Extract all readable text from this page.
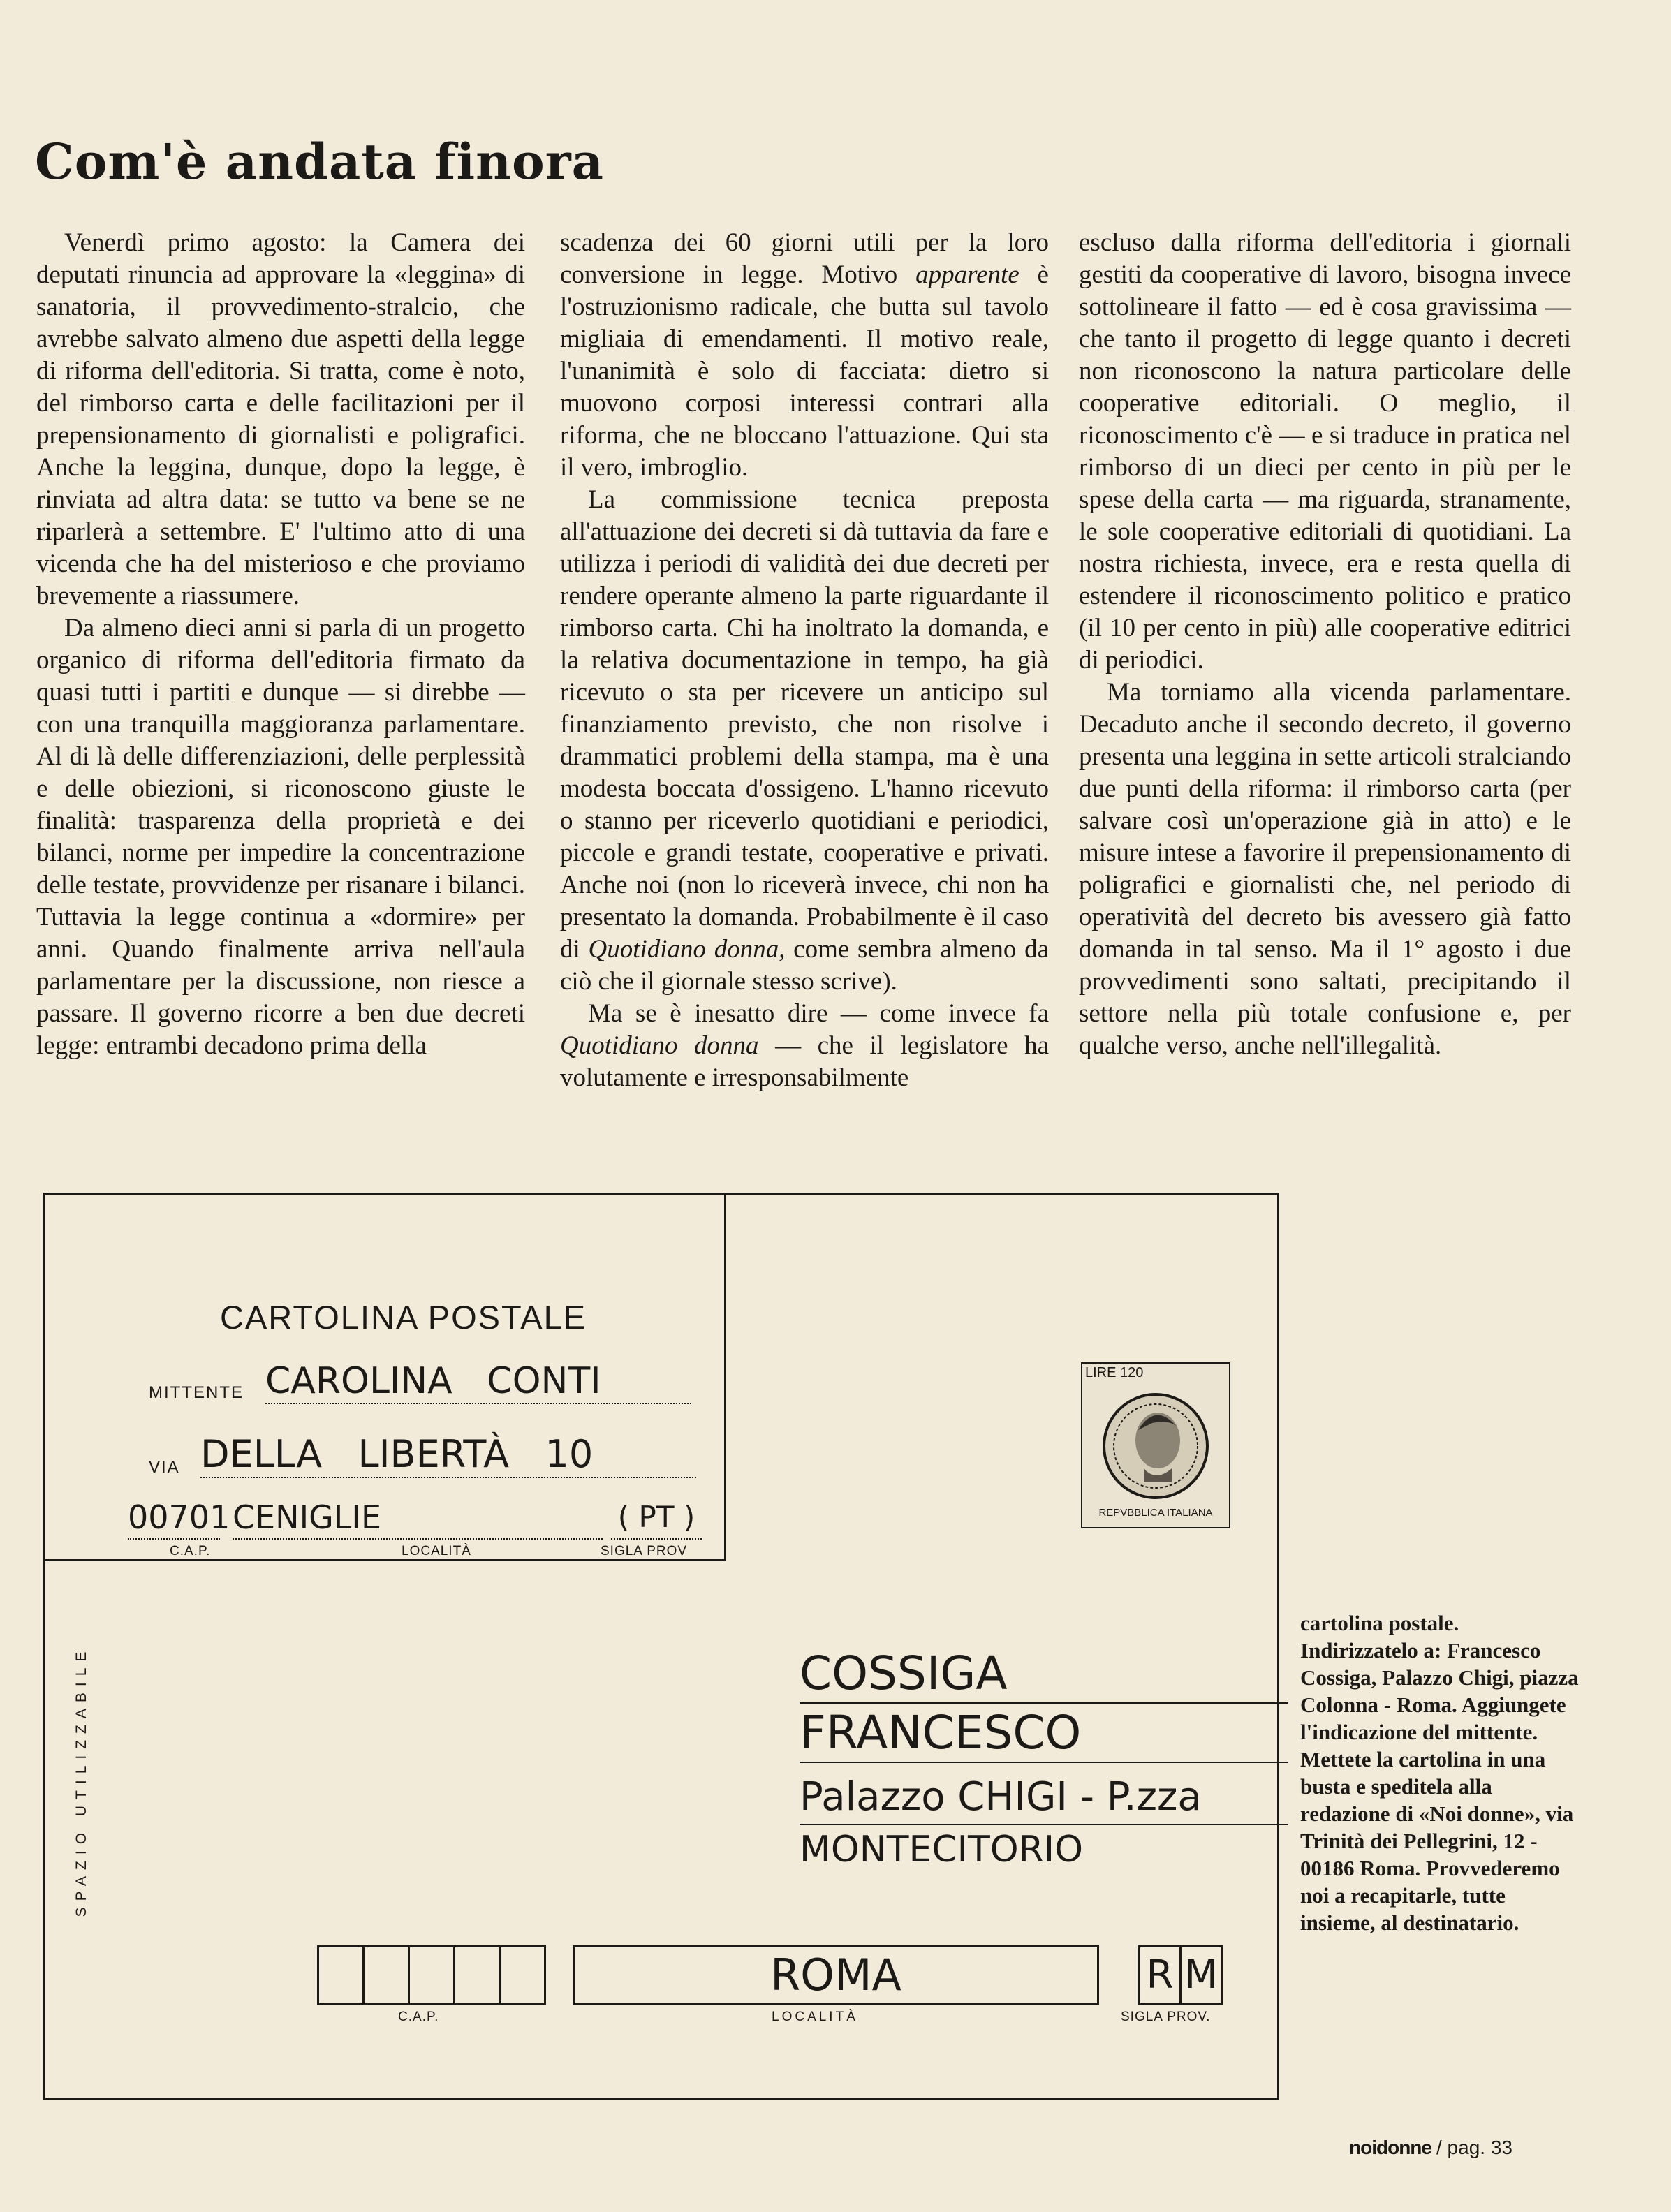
Com'è andata finora

Venerdì primo agosto: la Camera dei deputati rinuncia ad approvare la «leggina» di sanatoria, il provvedimento-stralcio, che avrebbe salvato almeno due aspetti della legge di riforma dell'editoria. Si tratta, come è noto, del rimborso carta e delle facilitazioni per il prepensionamento di giornalisti e poligrafici. Anche la leggina, dunque, dopo la legge, è rinviata ad altra data: se tutto va bene se ne riparlerà a settembre. E' l'ultimo atto di una vicenda che ha del misterioso e che proviamo brevemente a riassumere.

Da almeno dieci anni si parla di un progetto organico di riforma dell'editoria firmato da quasi tutti i partiti e dunque — si direbbe — con una tranquilla maggioranza parlamentare. Al di là delle differenziazioni, delle perplessità e delle obiezioni, si riconoscono giuste le finalità: trasparenza della proprietà e dei bilanci, norme per impedire la concentrazione delle testate, provvidenze per risanare i bilanci. Tuttavia la legge continua a «dormire» per anni. Quando finalmente arriva nell'aula parlamentare per la discussione, non riesce a passare. Il governo ricorre a ben due decreti legge: entrambi decadono prima della

scadenza dei 60 giorni utili per la loro conversione in legge. Motivo apparente è l'ostruzionismo radicale, che butta sul tavolo migliaia di emendamenti. Il motivo reale, l'unanimità è solo di facciata: dietro si muovono corposi interessi contrari alla riforma, che ne bloccano l'attuazione. Qui sta il vero, imbroglio.

La commissione tecnica preposta all'attuazione dei decreti si dà tuttavia da fare e utilizza i periodi di validità dei due decreti per rendere operante almeno la parte riguardante il rimborso carta. Chi ha inoltrato la domanda, e la relativa documentazione in tempo, ha già ricevuto o sta per ricevere un anticipo sul finanziamento previsto, che non risolve i drammatici problemi della stampa, ma è una modesta boccata d'ossigeno. L'hanno ricevuto o stanno per riceverlo quotidiani e periodici, piccole e grandi testate, cooperative e privati. Anche noi (non lo riceverà invece, chi non ha presentato la domanda. Probabilmente è il caso di Quotidiano donna, come sembra almeno da ciò che il giornale stesso scrive).

Ma se è inesatto dire — come invece fa Quotidiano donna — che il legislatore ha volutamente e irresponsabilmente

escluso dalla riforma dell'editoria i giornali gestiti da cooperative di lavoro, bisogna invece sottolineare il fatto — ed è cosa gravissima — che tanto il progetto di legge quanto i decreti non riconoscono la natura particolare delle cooperative editoriali. O meglio, il riconoscimento c'è — e si traduce in pratica nel rimborso di un dieci per cento in più per le spese della carta — ma riguarda, stranamente, le sole cooperative editoriali di quotidiani. La nostra richiesta, invece, era e resta quella di estendere il riconoscimento politico e pratico (il 10 per cento in più) alle cooperative editrici di periodici.

Ma torniamo alla vicenda parlamentare. Decaduto anche il secondo decreto, il governo presenta una leggina in sette articoli stralciando due punti della riforma: il rimborso carta (per salvare così un'operazione già in atto) e le misure intese a favorire il prepensionamento di poligrafici e giornalisti che, nel periodo di operatività del decreto bis avessero già fatto domanda in tal senso. Ma il 1° agosto i due provvedimenti sono saltati, precipitando il settore nella più totale confusione e, per qualche verso, anche nell'illegalità.

CARTOLINA POSTALE
MITTENTE CAROLINA   CONTI
VIA DELLA   LIBERTÀ   10
00701 CENIGLIE	( PT )
C.A.P.	LOCALITÀ	SIGLA PROV
LIRE 120
REPVBBLICA ITALIANA
SPAZIO UTILIZZABILE	COSSIGA
FRANCESCO
Palazzo CHIGI - P.zza
MONTECITORIO
C.A.P.
ROMA
LOCALITÀ
R M
SIGLA PROV.
cartolina postale. Indirizzatelo a: Francesco Cossiga, Palazzo Chigi, piazza Colonna - Roma. Aggiungete l'indicazione del mittente. Mettete la cartolina in una busta e speditela alla redazione di «Noi donne», via Trinità dei Pellegrini, 12 - 00186 Roma. Provvederemo noi a recapitarle, tutte insieme, al destinatario.
noidonne / pag. 33
